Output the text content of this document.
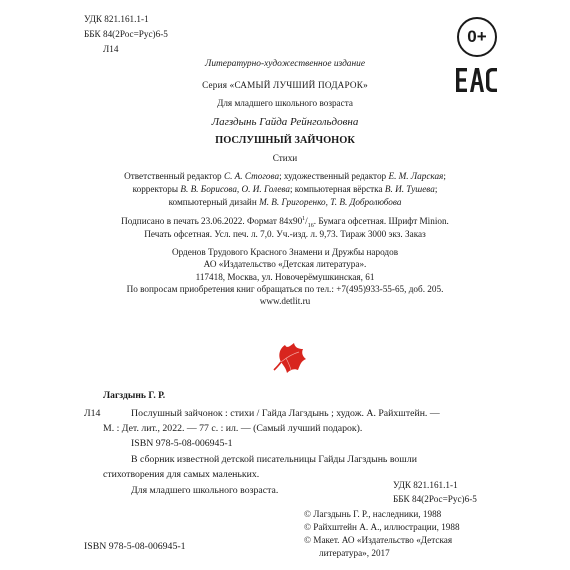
УДК 821.161.1-1
ББК 84(2Рос=Рус)6-5
Л14
0+
Литературно-художественное издание
Серия «САМЫЙ ЛУЧШИЙ ПОДАРОК»
Для младшего школьного возраста
Лагздынь Гайда Рейнгольдовна
ПОСЛУШНЫЙ ЗАЙЧОНОК
Стихи
Ответственный редактор С. А. Стогова; художественный редактор Е. М. Ларская;
корректоры В. В. Борисова, О. И. Голева; компьютерная вёрстка В. И. Тушева;
компьютерный дизайн М. В. Григоренко, Т. В. Добролюбова
Подписано в печать 23.06.2022. Формат $84x90^1/_{16}$. Бумага офсетная. Шрифт Minion.
Печать офсетная. Усл. печ. л. 7,0. Уч.-изд. л. 9,73. Тираж 3000 экз. Заказ
Орденов Трудового Красного Знамени и Дружбы народов
АО «Издательство «Детская литература».
117418, Москва, ул. Новочерёмушкинская, 61
По вопросам приобретения книг обращаться по тел.: +7(495)933-55-65, доб. 205.
www.detlit.ru
Лагздынь Г. Р.
Л14	Послушный зайчонок : стихи / Гайда Лагздынь ; худож. А. Райхштейн. —
М. : Дет. лит., 2022. — 77 с. : ил. — (Самый лучший подарок).
ISBN 978-5-08-006945-1
В сборник известной детской писательницы Гайды Лагздынь вошли
стихотворения для самых маленьких.
Для младшего школьного возраста.	УДК 821.161.1-1
ББК 84(2Рос=Рус)6-5
© Лагздынь Г. Р., наследники, 1988
© Райхштейн А. А., иллюстрации, 1988
© Макет. АО «Издательство «Детская
литература», 2017
ISBN 978-5-08-006945-1
